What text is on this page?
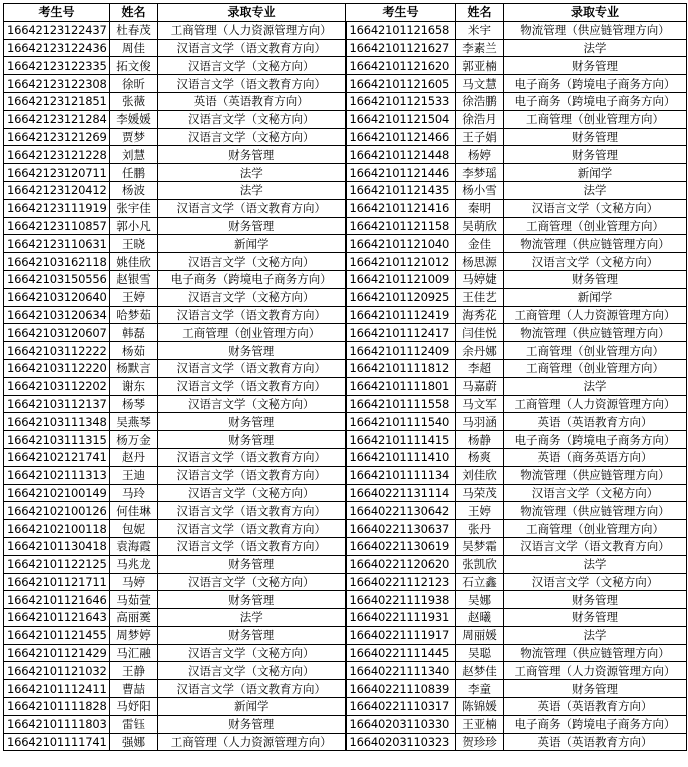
考生号	姓名	录取专业	考生号	姓名	录取专业
16642123122437	杜春茂	工商管理（人力资源管理方向）	16642101121658	米宇	物流管理（供应链管理方向）
16642123122436	周佳	汉语言文学（语文教育方向）	16642101121627	李素兰	法学
16642123122335	拓文俊	汉语言文学（文秘方向）	16642101121620	郭亚楠	财务管理
16642123122308	徐昕	汉语言文学（语文教育方向）	16642101121605	马文慧	电子商务（跨境电子商务方向）
16642123121851	张薇	英语（英语教育方向）	16642101121533	徐浩鹏	电子商务（跨境电子商务方向）
16642123121284	李媛媛	汉语言文学（文秘方向）	16642101121504	徐浩月	工商管理（创业管理方向）
16642123121269	贾梦	汉语言文学（文秘方向）	16642101121466	王子娟	财务管理
16642123121228	刘慧	财务管理	16642101121448	杨婷	财务管理
16642123120711	任鹏	法学	16642101121446	李梦瑶	新闻学
16642123120412	杨波	法学	16642101121435	杨小雪	法学
16642123111919	张宇佳	汉语言文学（语文教育方向）	16642101121416	秦明	汉语言文学（文秘方向）
16642123110857	郭小凡	财务管理	16642101121158	吴萌欣	工商管理（创业管理方向）
16642123110631	王晓	新闻学	16642101121040	金佳	物流管理（供应链管理方向）
16642103162118	姚佳欣	汉语言文学（文秘方向）	16642101121012	杨思源	汉语言文学（文秘方向）
16642103150556	赵银雪	电子商务（跨境电子商务方向）	16642101121009	马婷婕	财务管理
16642103120640	王婷	汉语言文学（文秘方向）	16642101120925	王佳艺	新闻学
16642103120634	哈梦茹	汉语言文学（语文教育方向）	16642101112419	海秀花	工商管理（人力资源管理方向）
16642103120607	韩磊	工商管理（创业管理方向）	16642101112417	闫佳悦	物流管理（供应链管理方向）
16642103112222	杨茹	财务管理	16642101112409	余丹娜	工商管理（创业管理方向）
16642103112220	杨默言	汉语言文学（语文教育方向）	16642101111812	李超	工商管理（创业管理方向）
16642103112202	谢东	汉语言文学（语文教育方向）	16642101111801	马嘉蔚	法学
16642103112137	杨琴	汉语言文学（文秘方向）	16642101111558	马文军	工商管理（人力资源管理方向）
16642103111348	吴燕琴	财务管理	16642101111540	马羽涵	英语（英语教育方向）
16642103111315	杨万金	财务管理	16642101111415	杨静	电子商务（跨境电子商务方向）
16642102121741	赵丹	汉语言文学（语文教育方向）	16642101111410	杨爽	英语（商务英语方向）
16642102111313	王迪	汉语言文学（语文教育方向）	16642101111134	刘佳欣	物流管理（供应链管理方向）
16642102100149	马玲	汉语言文学（文秘方向）	16640221131114	马荣茂	汉语言文学（文秘方向）
16642102100126	何佳琳	汉语言文学（语文教育方向）	16640221130642	王婷	物流管理（供应链管理方向）
16642102100118	包妮	汉语言文学（语文教育方向）	16640221130637	张丹	工商管理（创业管理方向）
16642101130418	袁海霞	汉语言文学（语文教育方向）	16640221130619	吴梦霜	汉语言文学（语文教育方向）
16642101122125	马兆龙	财务管理	16640221120620	张凯欣	法学
16642101121711	马婷	汉语言文学（文秘方向）	16640221112123	石立鑫	汉语言文学（文秘方向）
16642101121646	马茹萱	财务管理	16640221111938	吴娜	财务管理
16642101121643	高丽霙	法学	16640221111931	赵曦	财务管理
16642101121455	周梦婷	财务管理	16640221111917	周丽媛	法学
16642101121429	马汇融	汉语言文学（文秘方向）	16640221111445	吴聪	物流管理（供应链管理方向）
16642101121032	王静	汉语言文学（文秘方向）	16640221111340	赵梦佳	工商管理（人力资源管理方向）
16642101112411	曹喆	汉语言文学（语文教育方向）	16640221110839	李童	财务管理
16642101111828	马妤阳	新闻学	16640221110317	陈锦媛	英语（英语教育方向）
16642101111803	雷钰	财务管理	16640203110330	王亚楠	电子商务（跨境电子商务方向）
16642101111741	强娜	工商管理（人力资源管理方向）	16640203110323	贺珍珍	英语（英语教育方向）
